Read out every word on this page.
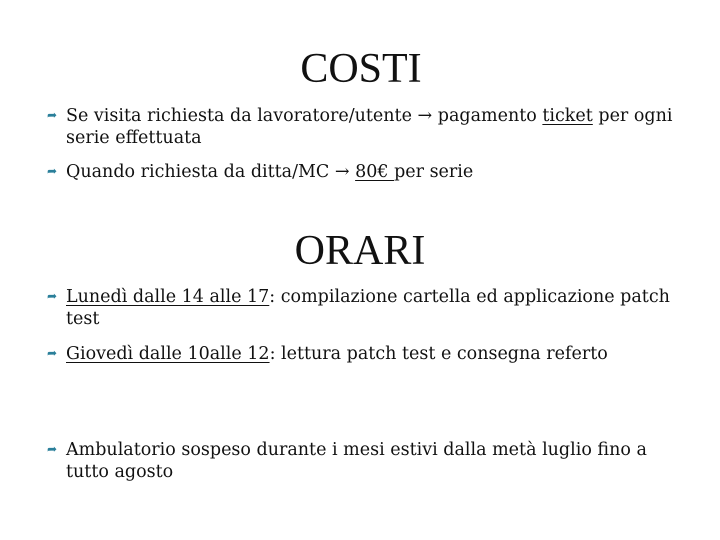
COSTI
➦ Se visita richiesta da lavoratore/utente → pagamento ticket per ogni serie effettuata
➦ Quando richiesta da ditta/MC → 80€ per serie
ORARI
➦ Lunedì dalle 14 alle 17: compilazione cartella ed applicazione patch test
➦ Giovedì dalle 10alle 12: lettura patch test e consegna referto
➦ Ambulatorio sospeso durante i mesi estivi dalla metà luglio fino a tutto agosto
